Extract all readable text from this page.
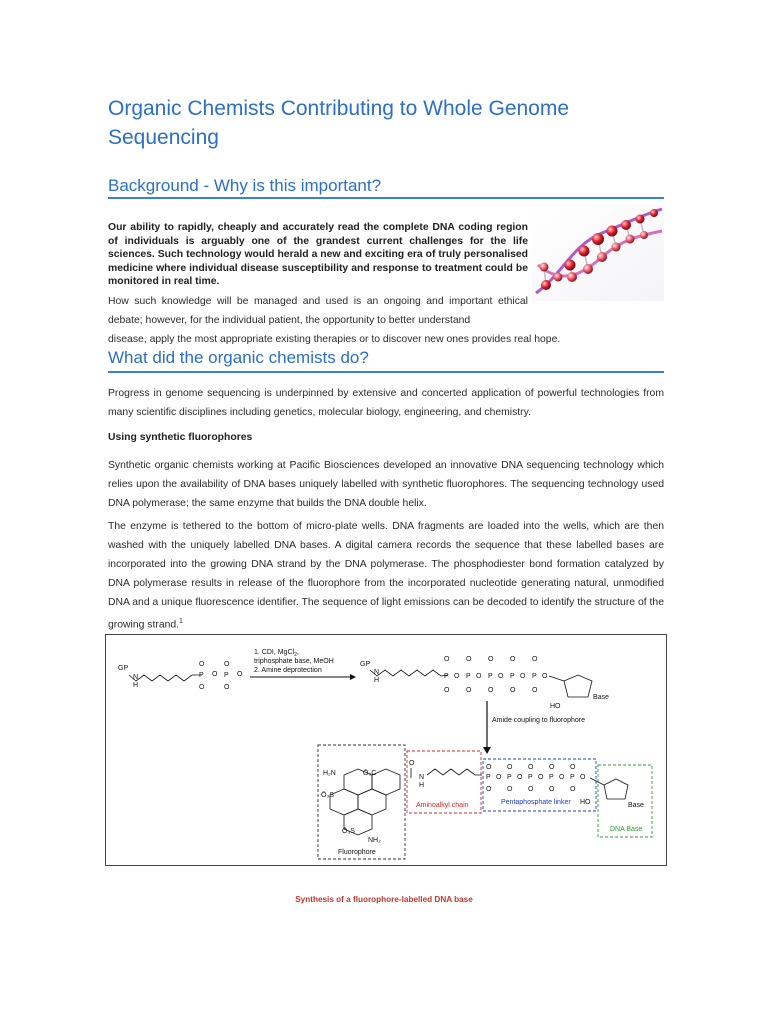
Organic Chemists Contributing to Whole Genome Sequencing
Background - Why is this important?

Our ability to rapidly, cheaply and accurately read the complete DNA coding region of individuals is arguably one of the grandest current challenges for the life sciences. Such technology would herald a new and exciting era of truly personalised medicine where individual disease susceptibility and response to treatment could be monitored in real time.

How such knowledge will be managed and used is an ongoing and important ethical debate; however, for the individual patient, the opportunity to better understand

disease, apply the most appropriate existing therapies or to discover new ones provides real hope.

What did the organic chemists do?

Progress in genome sequencing is underpinned by extensive and concerted application of powerful technologies from many scientific disciplines including genetics, molecular biology, engineering, and chemistry.

Using synthetic fluorophores

Synthetic organic chemists working at Pacific Biosciences developed an innovative DNA sequencing technology which relies upon the availability of DNA bases uniquely labelled with synthetic fluorophores. The sequencing technology used DNA polymerase; the same enzyme that builds the DNA double helix.

The enzyme is tethered to the bottom of micro-plate wells. DNA fragments are loaded into the wells, which are then washed with the uniquely labelled DNA bases. A digital camera records the sequence that these labelled bases are incorporated into the growing DNA strand by the DNA polymerase. The phosphodiester bond formation catalyzed by DNA polymerase results in release of the fluorophore from the incorporated nucleotide generating natural, unmodified DNA and a unique fluorescence identifier. The sequence of light emissions can be decoded to identify the structure of the growing strand.$^1$

GP
N
H
O
P
O
P
O	O
O	O
1. CDI, MgCl$_2$,
triphosphate base, MeOH
2. Amine deprotection
GP
N
H
O
P
O
O
O
P
O
O
O
P
O
O
O
P
O
O
O
P
O
O
HO
Base
Amide coupling to fluorophore
H₂N	Ō₃C
Ō₃S
Ō₃S
NH₂
Fluorophore
O
N
H
Aminoalkyl chain
O
P
O
O
O
P
O
O
O
P
O
O
O
P
O
O
O
P
O
O
Pentaphosphate linker HO	Base
DNA Base
Synthesis of a fluorophore-labelled DNA base
